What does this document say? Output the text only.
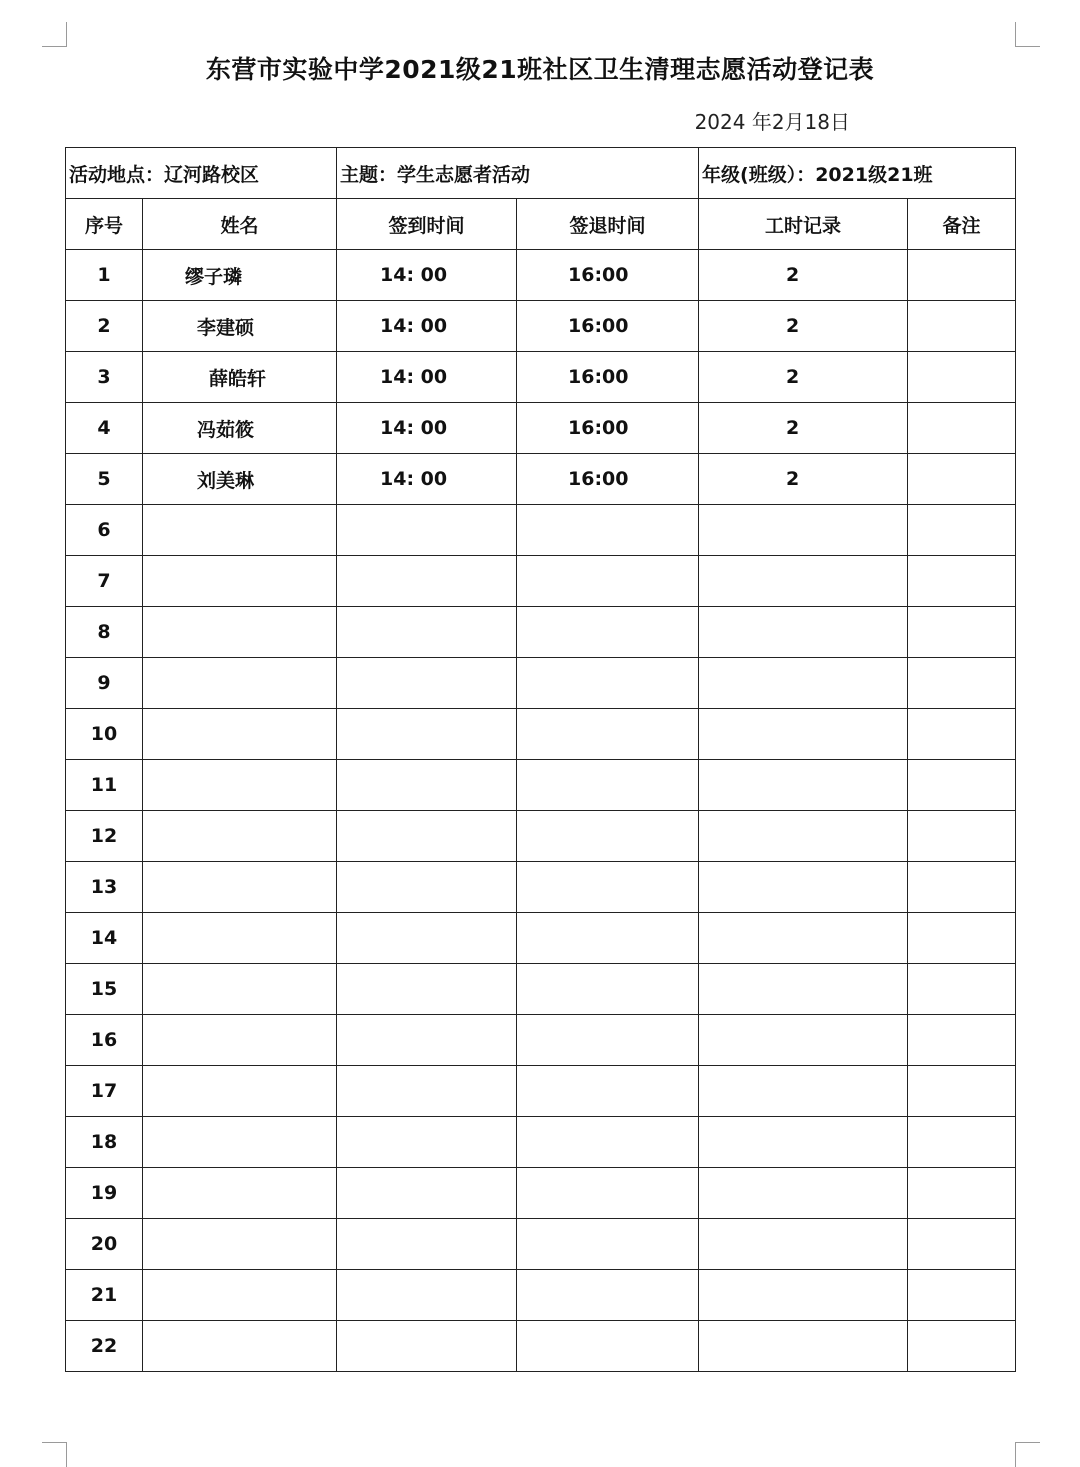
东营市实验中学2021级21班社区卫生清理志愿活动登记表
2024 年2月18日
活动地点：辽河路校区		主题：学生志愿者活动		年级(班级）：2021级21班	
序号	姓名	签到时间	签退时间	工时记录	备注
1	缪子璘	14: 00	16:00	2	
2	李建硕	14: 00	16:00	2	
3	薛皓轩	14: 00	16:00	2	
4	冯茹筱	14: 00	16:00	2	
5	刘美琳	14: 00	16:00	2	
6					
7					
8					
9					
10					
11					
12					
13					
14					
15					
16					
17					
18					
19					
20					
21					
22					
